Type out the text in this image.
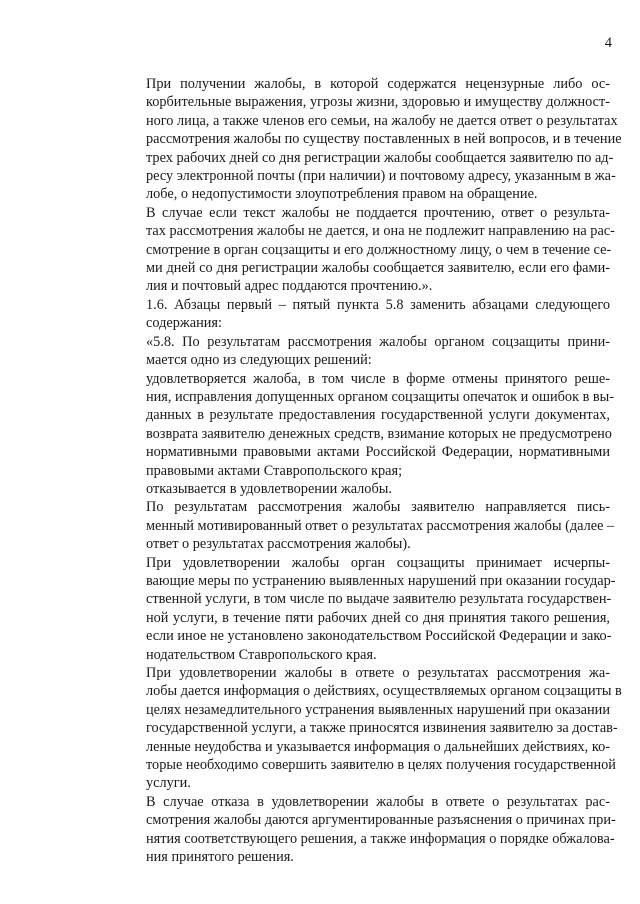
4
При получении жалобы, в которой содержатся нецензурные либо ос-
корбительные выражения, угрозы жизни, здоровью и имуществу должност-
ного лица, а также членов его семьи, на жалобу не дается ответ о результатах
рассмотрения жалобы по существу поставленных в ней вопросов, и в течение
трех рабочих дней со дня регистрации жалобы сообщается заявителю по ад-
ресу электронной почты (при наличии) и почтовому адресу, указанным в жа-
лобе, о недопустимости злоупотребления правом на обращение.
В случае если текст жалобы не поддается прочтению, ответ о результа-
тах рассмотрения жалобы не дается, и она не подлежит направлению на рас-
смотрение в орган соцзащиты и его должностному лицу, о чем в течение се-
ми дней со дня регистрации жалобы сообщается заявителю, если его фами-
лия и почтовый адрес поддаются прочтению.».
1.6. Абзацы первый – пятый пункта 5.8 заменить абзацами следующего
содержания:
«5.8. По результатам рассмотрения жалобы органом соцзащиты прини-
мается одно из следующих решений:
удовлетворяется жалоба, в том числе в форме отмены принятого реше-
ния, исправления допущенных органом соцзащиты опечаток и ошибок в вы-
данных в результате предоставления государственной услуги документах,
возврата заявителю денежных средств, взимание которых не предусмотрено
нормативными правовыми актами Российской Федерации, нормативными
правовыми актами Ставропольского края;
отказывается в удовлетворении жалобы.
По результатам рассмотрения жалобы заявителю направляется пись-
менный мотивированный ответ о результатах рассмотрения жалобы (далее –
ответ о результатах рассмотрения жалобы).
При удовлетворении жалобы орган соцзащиты принимает исчерпы-
вающие меры по устранению выявленных нарушений при оказании государ-
ственной услуги, в том числе по выдаче заявителю результата государствен-
ной услуги, в течение пяти рабочих дней со дня принятия такого решения,
если иное не установлено законодательством Российской Федерации и зако-
нодательством Ставропольского края.
При удовлетворении жалобы в ответе о результатах рассмотрения жа-
лобы дается информация о действиях, осуществляемых органом соцзащиты в
целях незамедлительного устранения выявленных нарушений при оказании
государственной услуги, а также приносятся извинения заявителю за достав-
ленные неудобства и указывается информация о дальнейших действиях, ко-
торые необходимо совершить заявителю в целях получения государственной
услуги.
В случае отказа в удовлетворении жалобы в ответе о результатах рас-
смотрения жалобы даются аргументированные разъяснения о причинах при-
нятия соответствующего решения, а также информация о порядке обжалова-
ния принятого решения.
